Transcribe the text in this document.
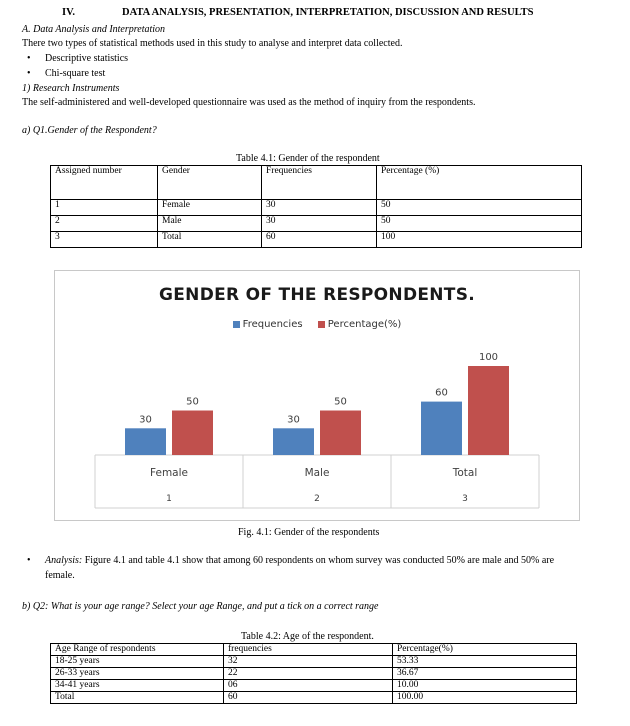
IV.	DATA ANALYSIS, PRESENTATION, INTERPRETATION, DISCUSSION AND RESULTS
A. Data Analysis and Interpretation
There two types of statistical methods used in this study to analyse and interpret data collected.
• Descriptive statistics
• Chi-square test
1) Research Instruments
The self-administered and well-developed questionnaire was used as the method of inquiry from the respondents.
a) Q1.Gender of the Respondent?
Table 4.1: Gender of the respondent
Assigned number	Gender	Frequencies	Percentage (%)
1	Female	30	50
2	Male	30	50
3	Total	60	100
GENDER OF THE RESPONDENTS.
Frequencies	Percentage(%)
30
50
Female
1
30
50
Male
2
60
100
Total
3
Fig. 4.1: Gender of the respondents
• Analysis: Figure 4.1 and table 4.1 show that among 60 respondents on whom survey was conducted 50% are male and 50% are
female.
b) Q2: What is your age range? Select your age Range, and put a tick on a correct range
Table 4.2: Age of the respondent.
Age Range of respondents	frequencies	Percentage(%)
18-25 years	32	53.33
26-33 years	22	36.67
34-41 years	06	10.00
Total	60	100.00
